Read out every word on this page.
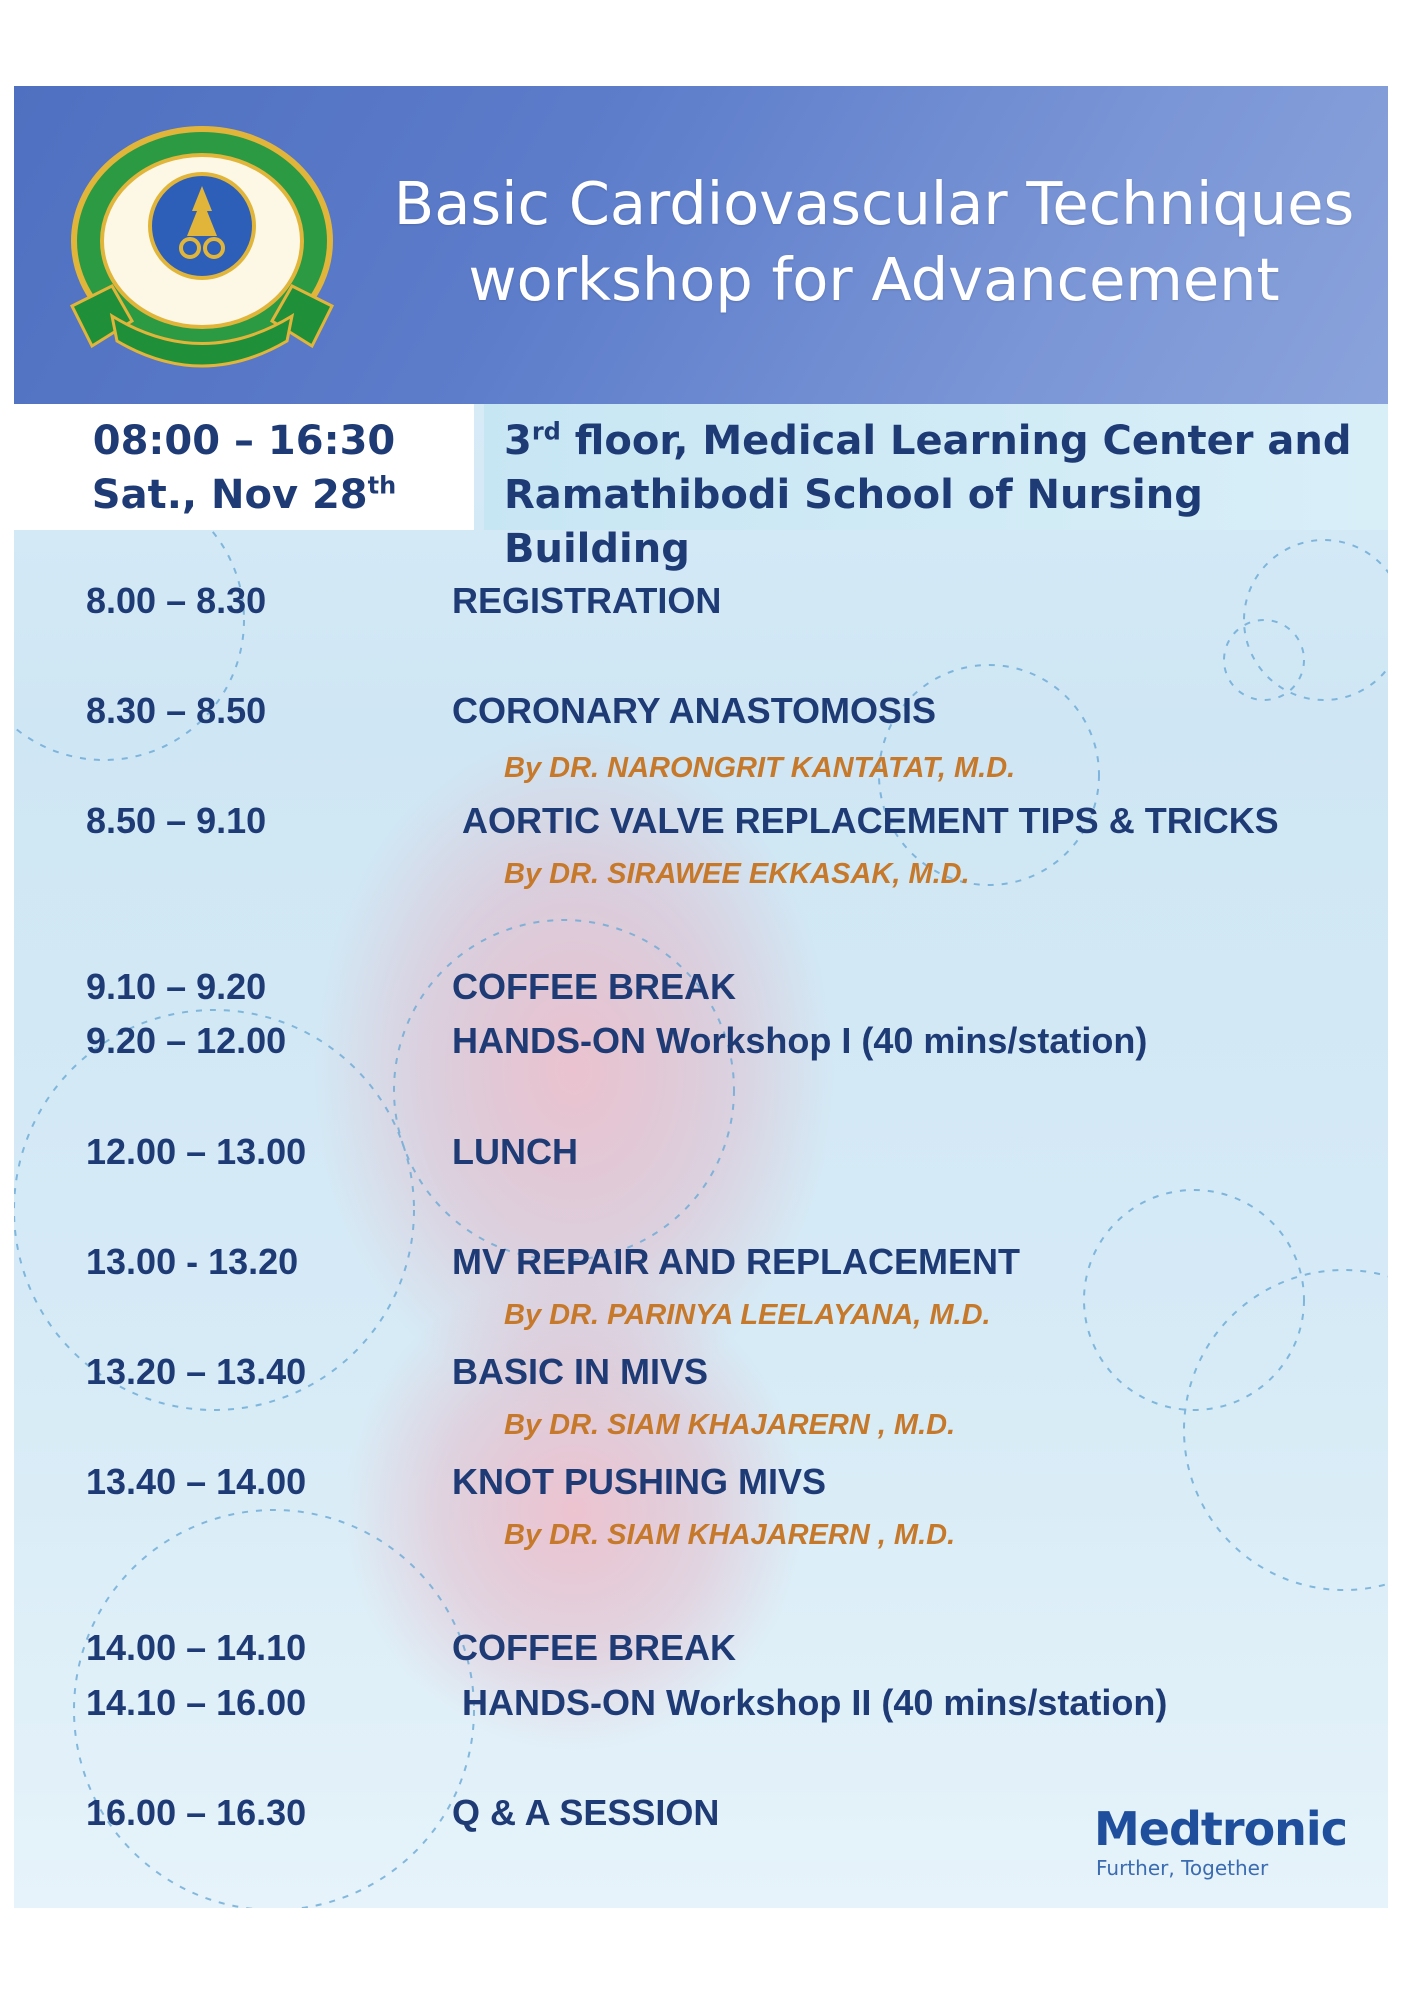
Basic Cardiovascular Techniques
workshop for Advancement
08:00 – 16:30
Sat., Nov 28th
3rd floor, Medical Learning Center and
Ramathibodi School of Nursing Building
8.00 – 8.30	REGISTRATION
8.30 – 8.50	CORONARY ANASTOMOSIS
By DR. NARONGRIT KANTATAT, M.D.
8.50 – 9.10	AORTIC VALVE REPLACEMENT TIPS & TRICKS
By DR. SIRAWEE EKKASAK, M.D.
9.10 – 9.20	COFFEE BREAK
9.20 – 12.00	HANDS-ON Workshop I (40 mins/station)
12.00 – 13.00	LUNCH
13.00 - 13.20	MV REPAIR AND REPLACEMENT
By DR. PARINYA LEELAYANA, M.D.
13.20 – 13.40	BASIC IN MIVS
By DR. SIAM KHAJARERN , M.D.
13.40 – 14.00	KNOT PUSHING MIVS
By DR. SIAM KHAJARERN , M.D.
14.00 – 14.10	COFFEE BREAK
14.10 – 16.00	HANDS-ON Workshop II (40 mins/station)
16.00 – 16.30	Q & A SESSION	Medtronic
Further, Together
